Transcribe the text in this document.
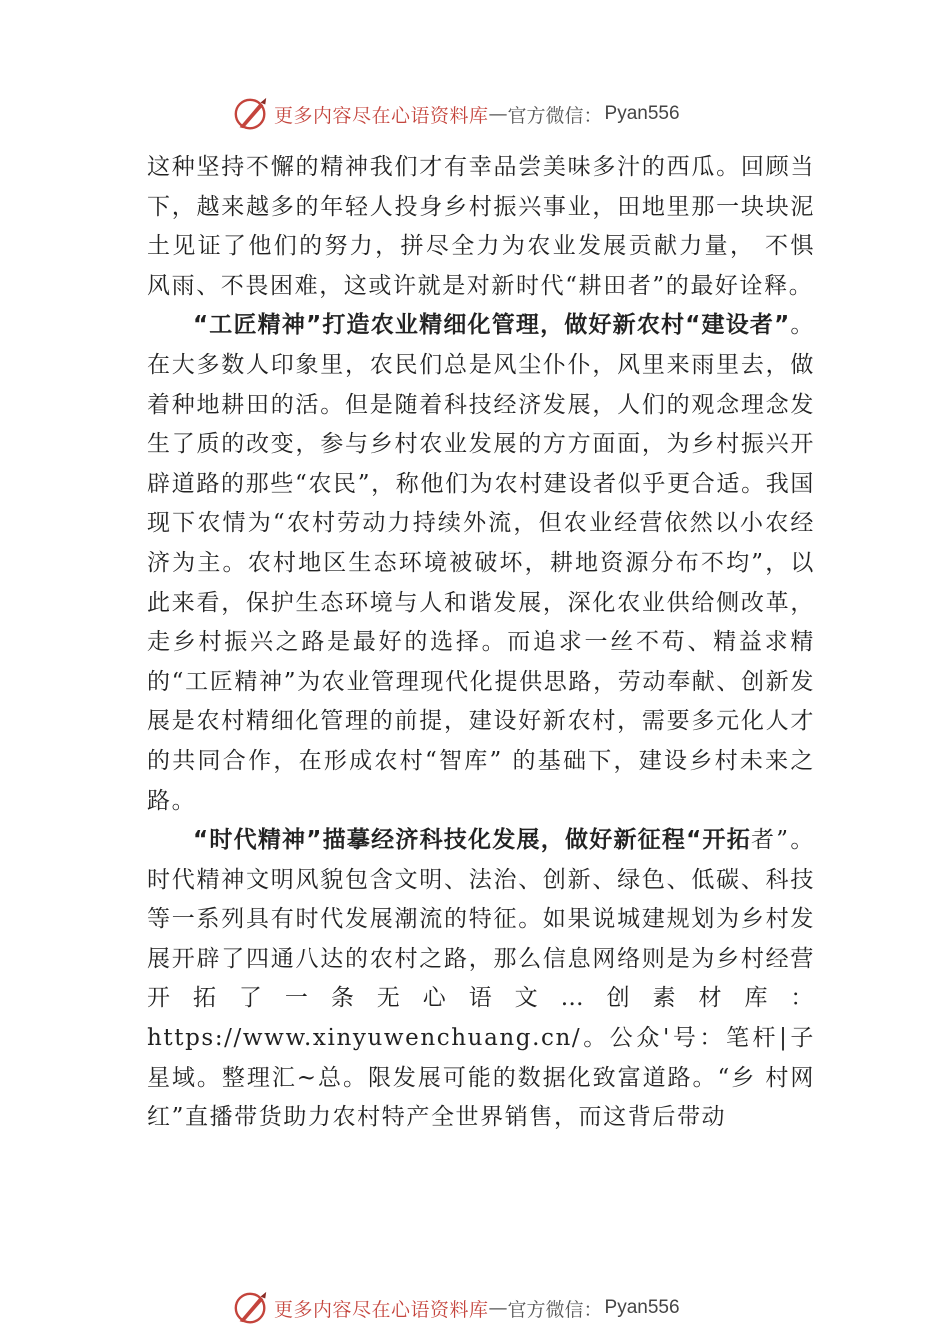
更多内容尽在心语资料库 — 官方微信： Pyan556

这种坚持不懈的精神我们才有幸品尝美味多汁的西瓜。回顾当下，越来越多的年轻人投身乡村振兴事业，田地里那一块块泥土见证了他们的努力，拼尽全力为农业发展贡献力量， 不惧风雨、不畏困难，这或许就是对新时代“耕田者”的最好诠释。

“工匠精神”打造农业精细化管理，做好新农村“建设者”。在大多数人印象里，农民们总是风尘仆仆，风里来雨里去，做着种地耕田的活。但是随着科技经济发展，人们的观念理念发生了质的改变，参与乡村农业发展的方方面面，为乡村振兴开辟道路的那些“农民”，称他们为农村建设者似乎更合适。我国现下农情为“农村劳动力持续外流，但农业经营依然以小农经济为主。农村地区生态环境被破坏，耕地资源分布不均”，以此来看，保护生态环境与人和谐发展，深化农业供给侧改革，走乡村振兴之路是最好的选择。而追求一丝不苟、精益求精的“工匠精神”为农业管理现代化提供思路，劳动奉献、创新发展是农村精细化管理的前提，建设好新农村，需要多元化人才的共同合作，在形成农村“智库” 的基础下，建设乡村未来之路。

“时代精神”描摹经济科技化发展，做好新征程“开拓者”。时代精神文明风貌包含文明、法治、创新、绿色、低碳、科技等一系列具有时代发展潮流的特征。如果说城建规划为乡村发展开辟了四通八达的农村之路，那么信息网络则是为乡村经营开拓了一条无心语文…创素材库：https://www.xinyuwenchuang.cn/。公众'号：笔杆|子星域。整理汇~总。限发展可能的数据化致富道路。“乡 村网红”直播带货助力农村特产全世界销售，而这背后带动

更多内容尽在心语资料库 — 官方微信： Pyan556
